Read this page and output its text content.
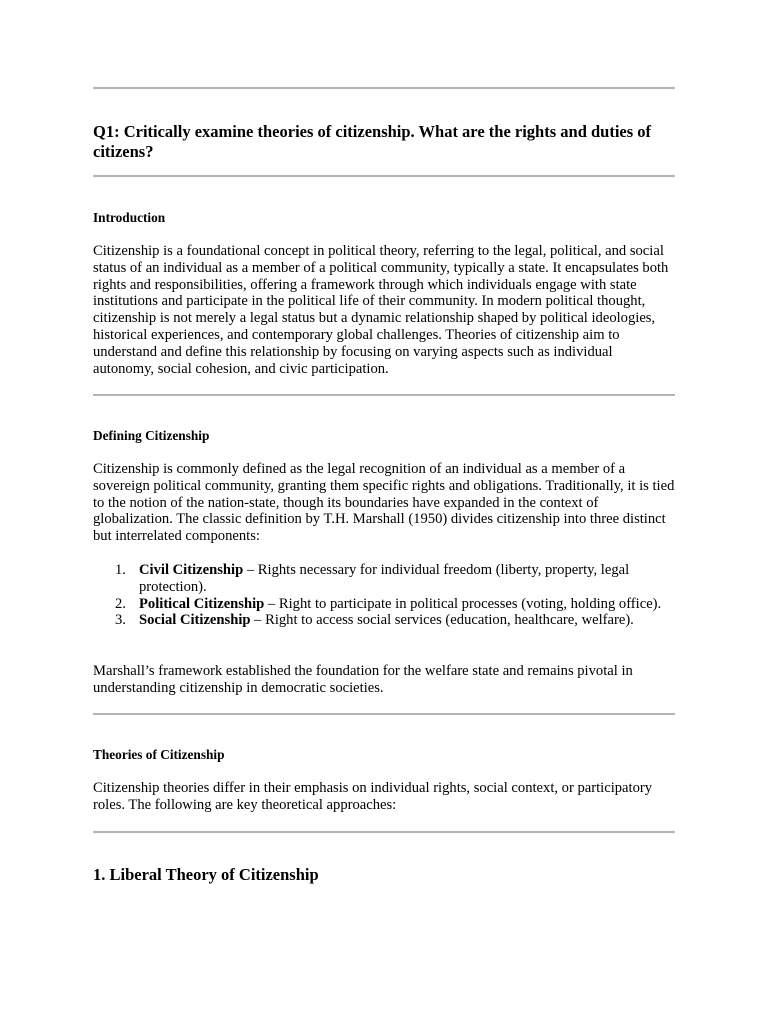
Q1: Critically examine theories of citizenship. What are the rights and duties of citizens?
Introduction

Citizenship is a foundational concept in political theory, referring to the legal, political, and social status of an individual as a member of a political community, typically a state. It encapsulates both rights and responsibilities, offering a framework through which individuals engage with state institutions and participate in the political life of their community. In modern political thought, citizenship is not merely a legal status but a dynamic relationship shaped by political ideologies, historical experiences, and contemporary global challenges. Theories of citizenship aim to understand and define this relationship by focusing on varying aspects such as individual autonomy, social cohesion, and civic participation.

Defining Citizenship

Citizenship is commonly defined as the legal recognition of an individual as a member of a sovereign political community, granting them specific rights and obligations. Traditionally, it is tied to the notion of the nation-state, though its boundaries have expanded in the context of globalization. The classic definition by T.H. Marshall (1950) divides citizenship into three distinct but interrelated components:

1. Civil Citizenship – Rights necessary for individual freedom (liberty, property, legal protection).
2. Political Citizenship – Right to participate in political processes (voting, holding office).
3. Social Citizenship – Right to access social services (education, healthcare, welfare).

Marshall’s framework established the foundation for the welfare state and remains pivotal in understanding citizenship in democratic societies.

Theories of Citizenship

Citizenship theories differ in their emphasis on individual rights, social context, or participatory roles. The following are key theoretical approaches:

1. Liberal Theory of Citizenship
